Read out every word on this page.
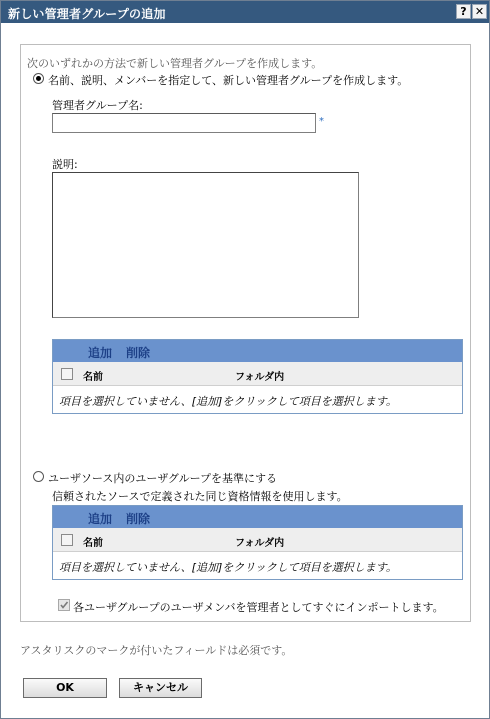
新しい管理者グループの追加	? ✕
次のいずれかの方法で新しい管理者グループを作成します。
名前、説明、メンバーを指定して、新しい管理者グループを作成します。
管理者グループ名:
*
説明:
追加 削除
名前	フォルダ内
項目を選択していません、[追加]をクリックして項目を選択します。
ユーザソース内のユーザグループを基準にする
信頼されたソースで定義された同じ資格情報を使用します。
追加 削除
名前	フォルダ内
項目を選択していません、[追加]をクリックして項目を選択します。
各ユーザグループのユーザメンバを管理者としてすぐにインポートします。
アスタリスクのマークが付いたフィールドは必須です。
OK	キャンセル
